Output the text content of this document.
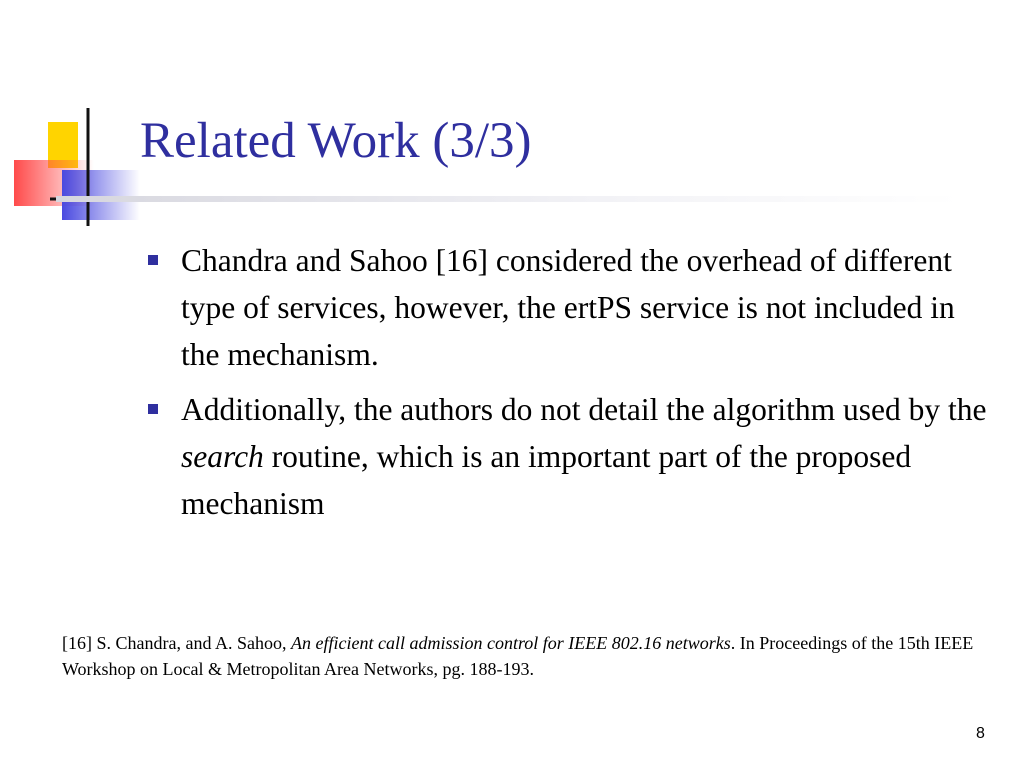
Related Work (3/3)
Chandra and Sahoo [16] considered the overhead of different type of services, however, the ertPS service is not included in the mechanism.
Additionally, the authors do not detail the algorithm used by the search routine, which is an important part of the proposed mechanism

[16] S. Chandra, and A. Sahoo, An efficient call admission control for IEEE 802.16 networks. In Proceedings of the 15th IEEE Workshop on Local & Metropolitan Area Networks, pg. 188-193.

8
